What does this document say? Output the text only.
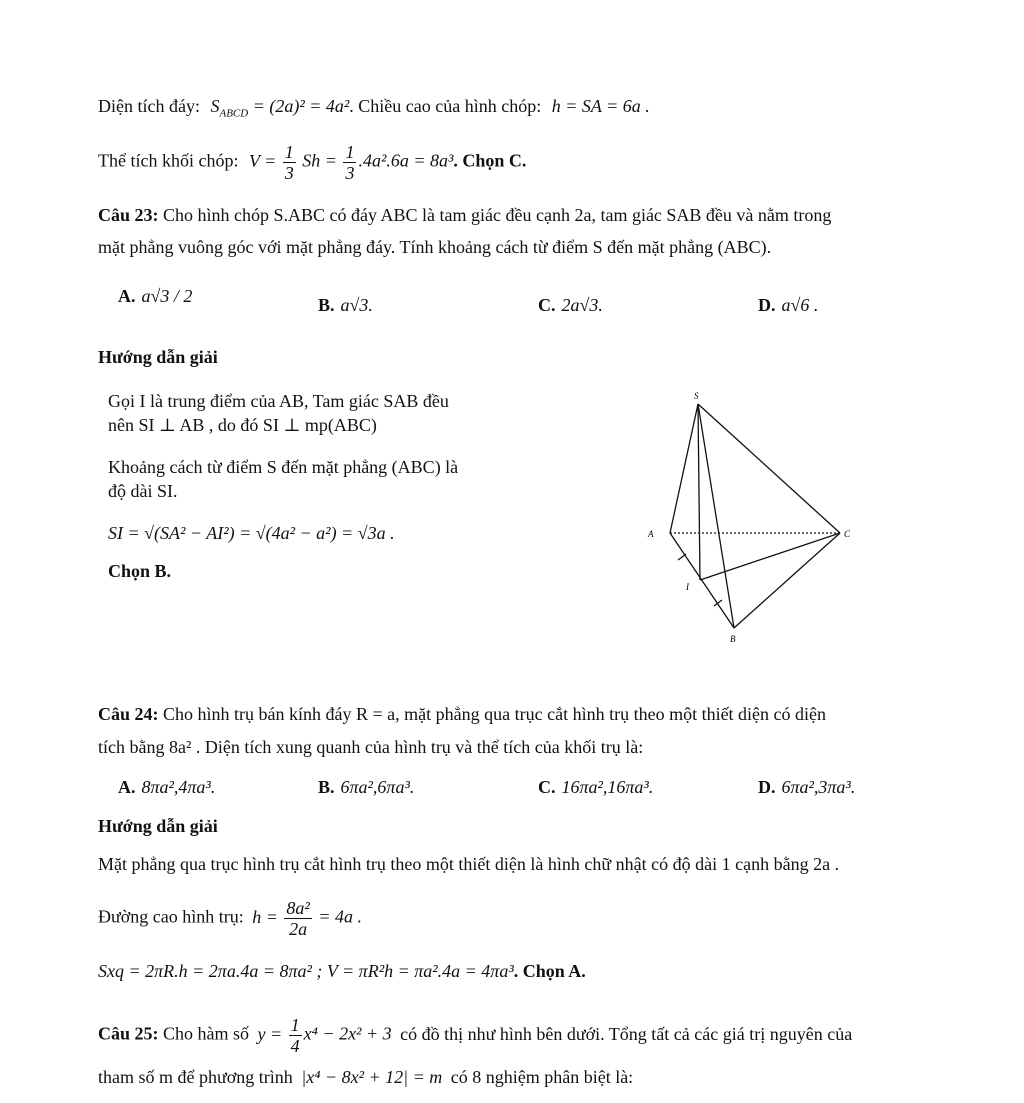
Diện tích đáy: $S_{ABCD} = (2a)^2 = 4a^2$. Chiều cao của hình chóp: h = SA = 6a .
Thể tích khối chóp: $V = \frac{1}{3}$ $Sh = \frac{1}{3} .4a^2.6a = 8a^3$. Chọn C.
Câu 23: Cho hình chóp S.ABC có đáy ABC là tam giác đều cạnh 2a, tam giác SAB đều và nằm trong
mặt phẳng vuông góc với mặt phẳng đáy. Tính khoảng cách từ điểm S đến mặt phẳng (ABC).
A. a√3 / 2	B. a√3.	C. 2a√3.	D. a√6 .
Hướng dẫn giải
Gọi I là trung điểm của AB, Tam giác SAB đều
nên SI ⊥ AB , do đó SI ⊥ mp(ABC)
Khoảng cách từ điểm S đến mặt phẳng (ABC) là
độ dài SI.
SI = √(SA² − AI²) = √(4a² − a²) = √3a .
Chọn B.
S
A	C
I
B
Câu 24: Cho hình trụ bán kính đáy R = a, mặt phẳng qua trục cắt hình trụ theo một thiết diện có diện
tích bằng 8a² . Diện tích xung quanh của hình trụ và thể tích của khối trụ là:
A. 8πa²,4πa³.	B. 6πa²,6πa³.	C. 16πa²,16πa³.	D. 6πa²,3πa³.
Hướng dẫn giải
Mặt phẳng qua trục hình trụ cắt hình trụ theo một thiết diện là hình chữ nhật có độ dài 1 cạnh bằng 2a .
Đường cao hình trụ: $h = \frac{\text{8a²}}{2a} = 4a$ .
Sxq = 2πR.h = 2πa.4a = 8πa² ; V = πR²h = πa².4a = 4πa³. Chọn A.
Câu 25: Cho hàm số $y = \frac{1}{4} x^4 - 2x^2 + 3$ có đồ thị như hình bên dưới. Tổng tất cả các giá trị nguyên của
tham số m để phương trình |x⁴ − 8x² + 12| = m có 8 nghiệm phân biệt là:
